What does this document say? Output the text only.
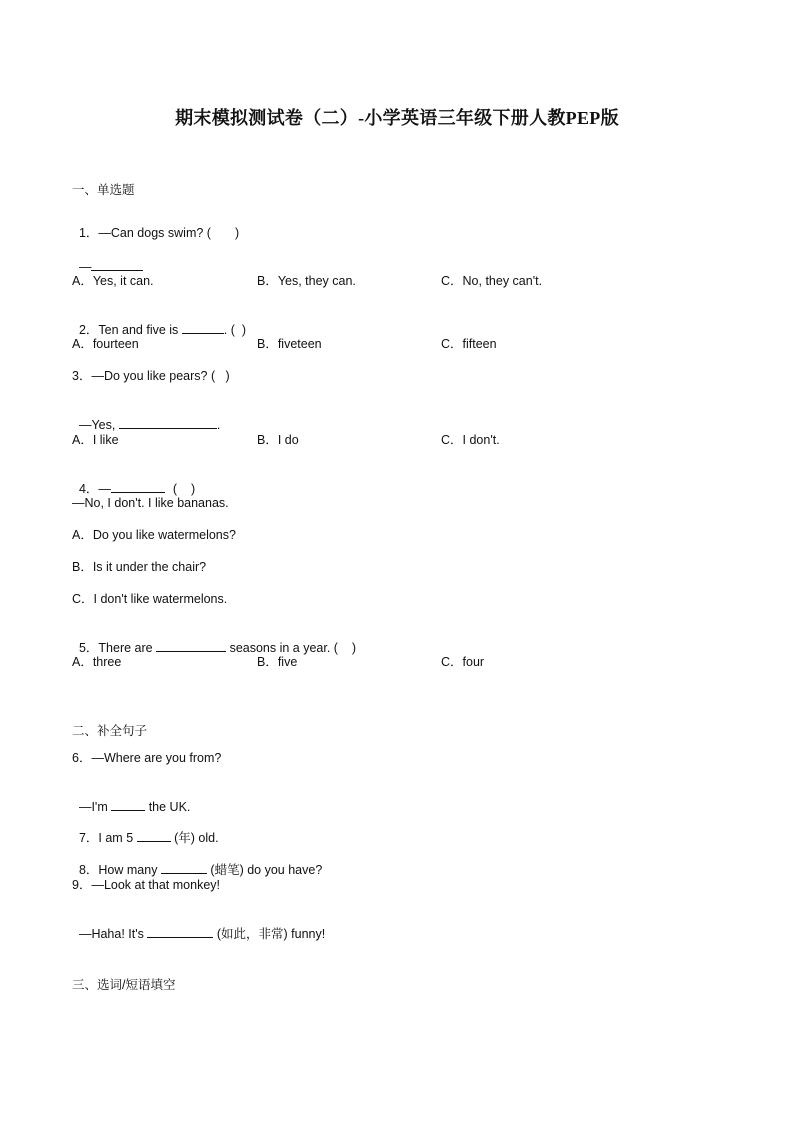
期末模拟测试卷（二）-小学英语三年级下册人教PEP版
一、单选题

1．—Can dogs swim? ( )

—

A．Yes, it can.	B．Yes, they can.	C．No, they can't.

2．Ten and five is	. (  )

A．fourteen	B．fiveteen	C．fifteen
3．—Do you like pears? (   )

—Yes,	.

A．I like	B．I do	C．I don't.

4．—	(    )

—No, I don't. I like bananas.
A．Do you like watermelons?
B．Is it under the chair?
C．I don't like watermelons.

5．There are	seasons in a year. (    )

A．three	B．five	C．four
二、补全句子
6．—Where are you from?

—I'm	the UK.

7．I am 5	(年) old.

8．How many	(蜡笔) do you have?

9．—Look at that monkey!

—Haha! It's	(如此，非常) funny!

三、选词/短语填空
